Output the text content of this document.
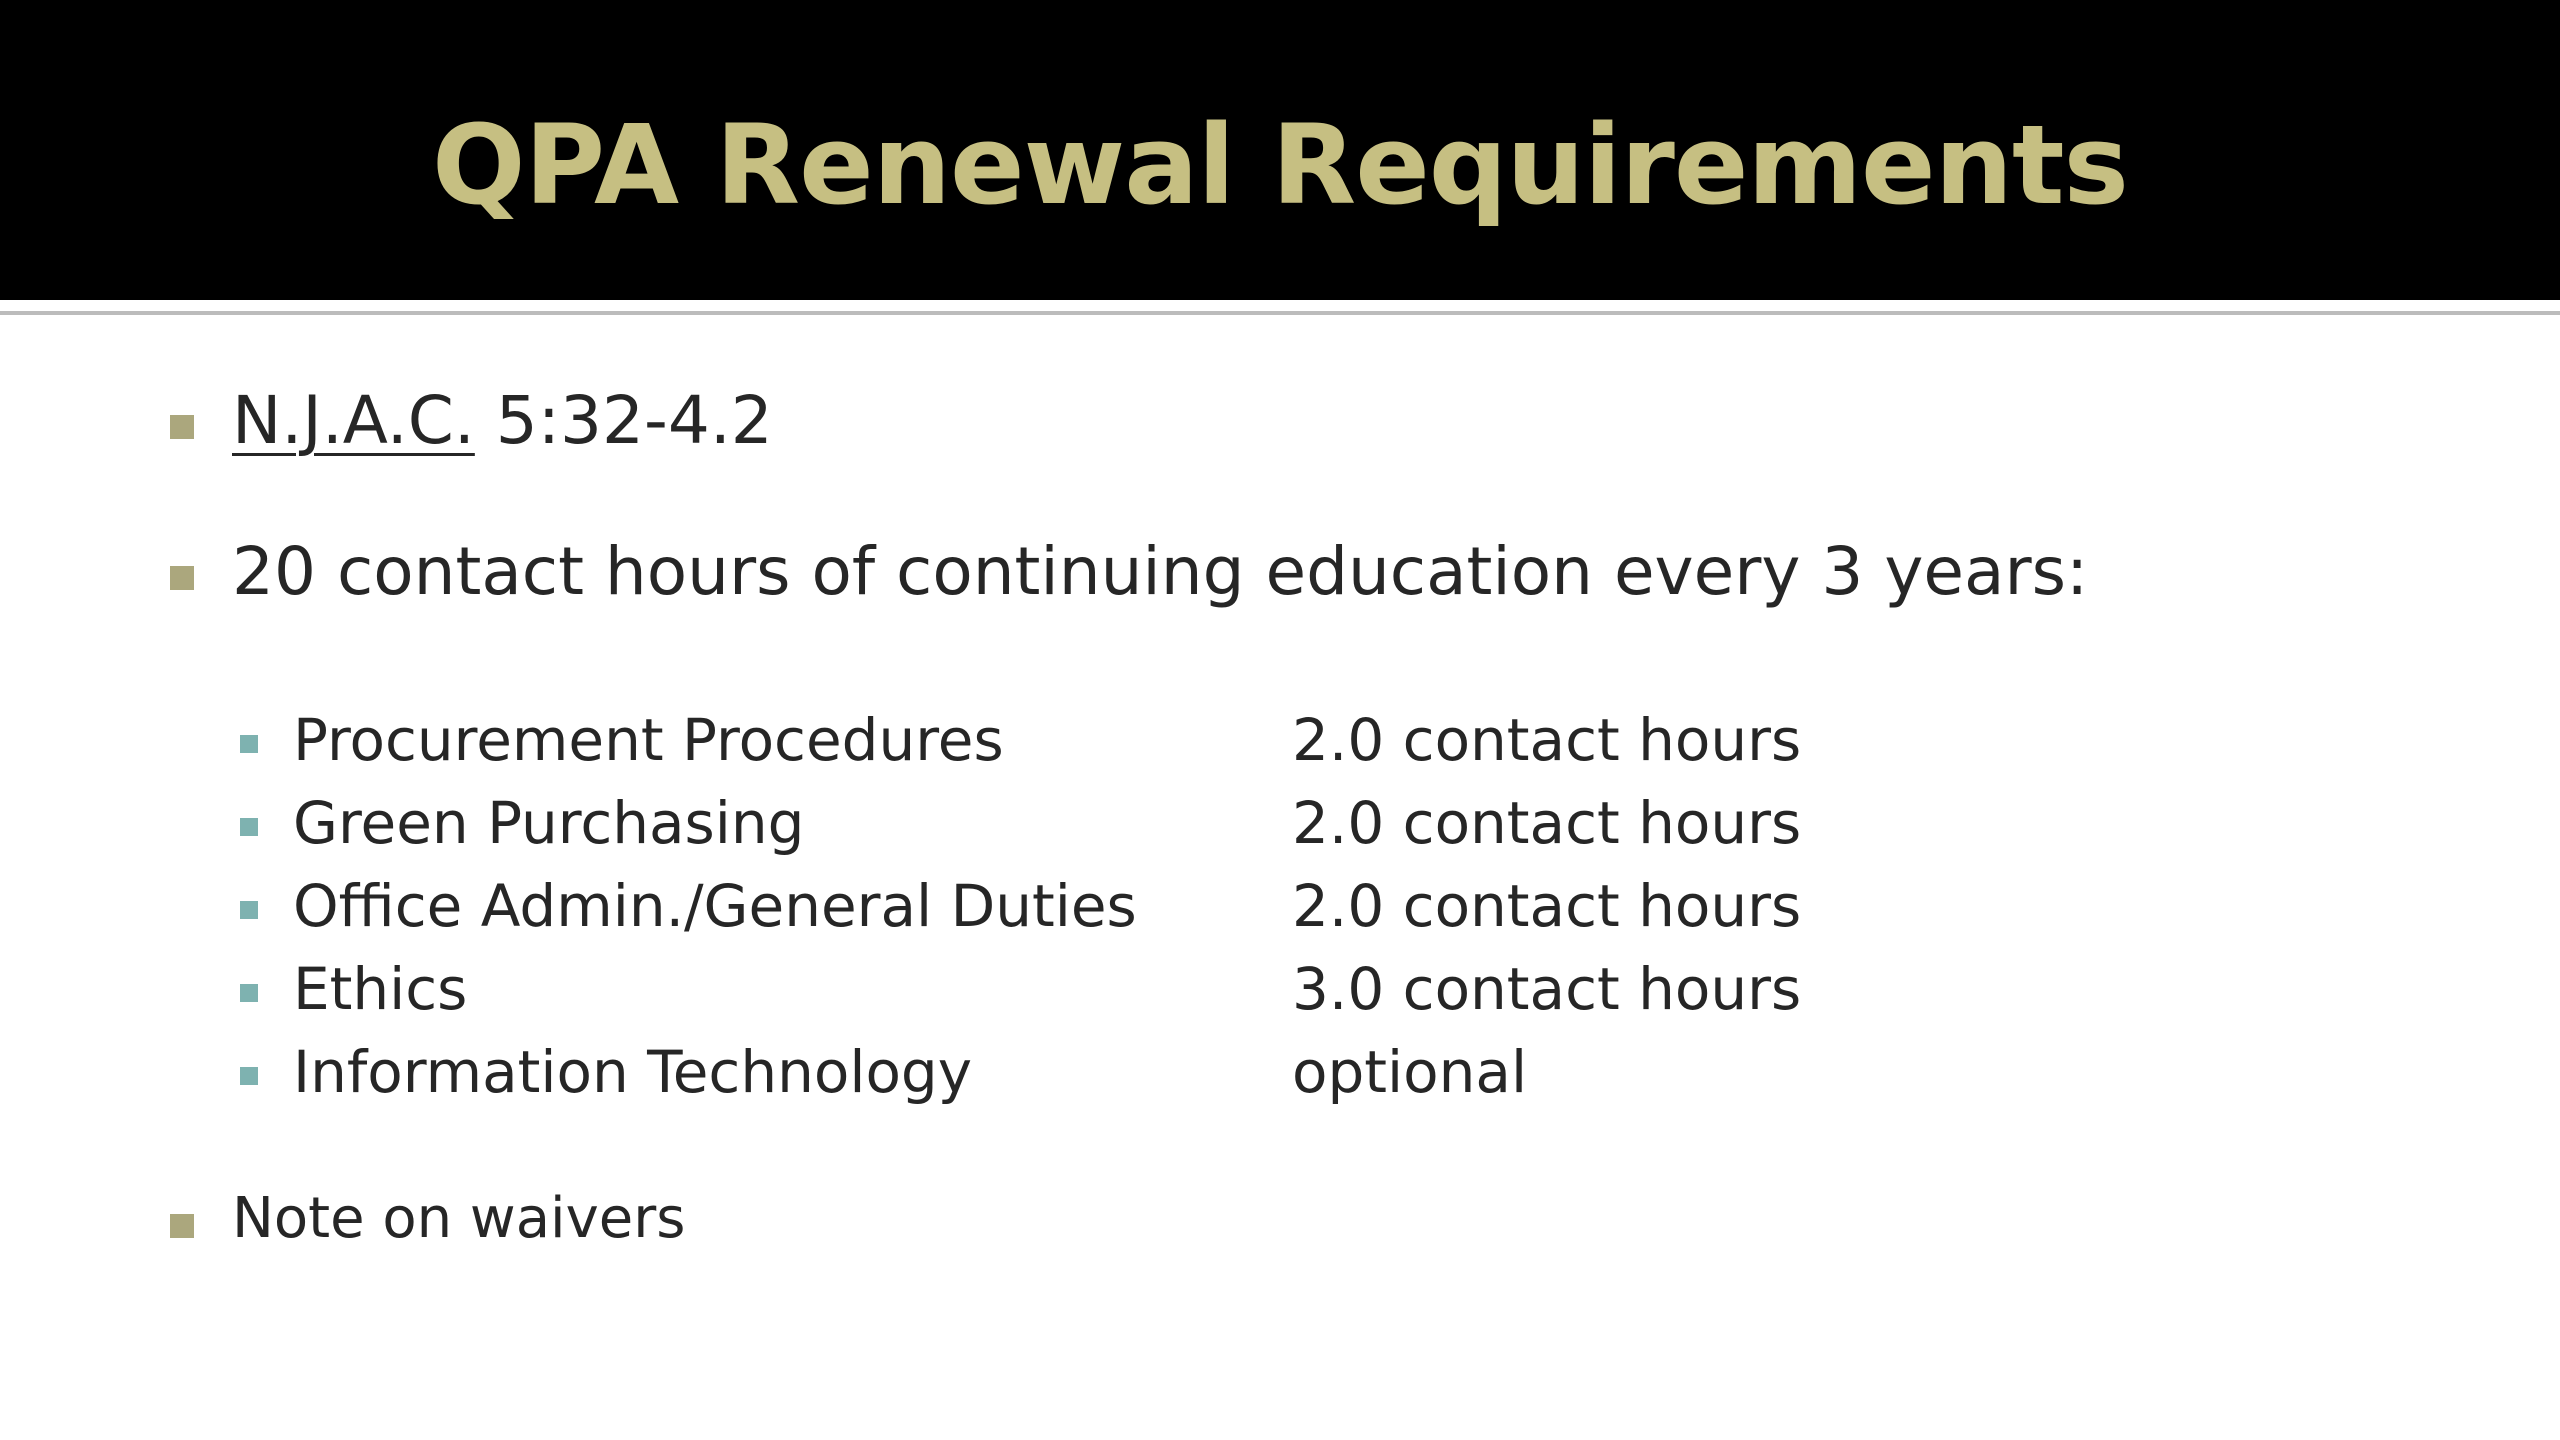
QPA Renewal Requirements
N.J.A.C. 5:32-4.2
20 contact hours of continuing education every 3 years:
Procurement Procedures	2.0 contact hours
Green Purchasing	2.0 contact hours
Office Admin./General Duties	2.0 contact hours
Ethics	3.0 contact hours
Information Technology	optional
Note on waivers
